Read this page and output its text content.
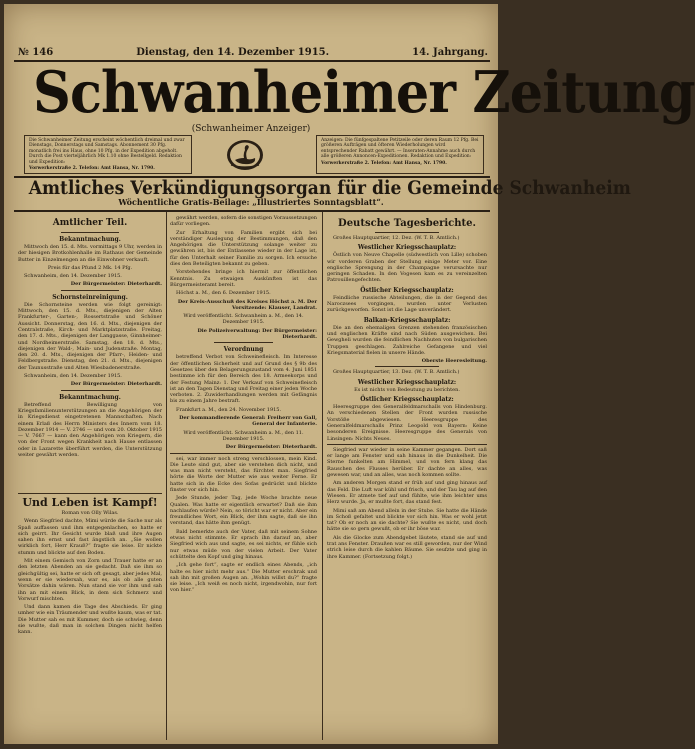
№ 146	Dienstag, den 14. Dezember 1915.	14. Jahrgang.
Schwanheimer Zeitung
(Schwanheimer Anzeiger)
Die Schwanheimer Zeitung erscheint wöchentlich dreimal und zwar Dienstags, Donnerstags und Samstags. Abonnement 30 Pfg. monatlich frei ins Haus, ohne 10 Pfg. in der Expedition abgeholt. Durch die Post vierteljährlich Mk 1.10 ohne Bestellgeld. Redaktion und Expedition:
Vorwerkerstraße 2. Telefon: Amt Hansa, Nr. 1790.
Anzeigen: Die fünfgespaltene Petitzeile oder deren Raum 12 Pfg. Bei größeren Aufträgen und öfteren Wiederholungen wird entsprechender Rabatt gewährt. — Inseraten-Annahme auch durch alle größeren Annoncen-Expeditionen. Redaktion und Expedition:
Vorwerkerstraße 2. Telefon: Amt Hansa, Nr. 1790.
Amtliches Verkündigungsorgan für die Gemeinde Schwanheim
Wöchentliche Gratis-Beilage: „Illustriertes Sonntagsblatt“.
Amtlicher Teil.
Bekanntmachung.

Mittwoch den 15. d. Mts. vormittags 9 Uhr, werden in der hiesigen Brotkohlenhalle im Rathaus der Gemeinde Butter in Einzelmengen an die Einwohner verkauft.

Preis für das Pfund 2 Mk. 14 Pfg.

Schwanheim, den 14. Dezember 1915.

Der Bürgermeister: Dieterhardt.

Schornsteinreinigung.

Die Schornsteine werden wie folgt gereinigt: Mittwoch, den 15. d. Mts., diejenigen der Alten Frankfurter-, Garten-, Rossertstraße und Schöner Aussicht. Donnerstag, den 16. d. Mts., diejenigen der Centralstraße, Kirch- und Marktplatzstraße. Freitag, den 17. d. Mts., diejenigen der Langgasse, Ginnheimer- und Nordheimerstraße. Samstag, den 18. d. Mts., diejenigen der Wald-, Main- und Judenstraße. Montag, den 20. d. Mts., diejenigen der Pfarr-, Heiden- und Feldbergstraße. Dienstag, den 21. d. Mts., diejenigen der Taunusstraße und Alten Wiesbadenerstraße.

Schwanheim, den 14. Dezember 1915.

Der Bürgermeister: Dieterhardt.

Bekanntmachung.

Betreffend Bewilligung von Kriegsfamilienunterstützungen an die Angehörigen der in Kriegsdienst eingetretenen Mannschaften. Nach einem Erlaß des Herrn Ministers des Innern vom 18. Dezember 1914 — V. 2746 — und vom 20. Oktober 1915 — V. 7667 — kann den Angehörigen von Kriegern, die von der Front wegen Krankheit nach Hause entlassen oder in Lazarette überführt werden, die Unterstützung weiter gewährt werden.

Und Leben ist Kampf!
Roman von Olly Wilas.

Wenn Siegfried dachte, Mimi würde die Sache nur als Spaß auffassen und ihm entgegenlachen, so hatte er sich geirrt. Ihr Gesicht wurde blaß und ihre Augen sahen ihn ernst und fast ängstlich an. „Sie wollen wirklich fort, Herr Krauß?“ fragte sie leise. Er nickte stumm und blickte auf den Boden.

Mit einem Gemisch von Zorn und Trauer hatte er an den letzten Abenden an sie gedacht. Daß sie ihm so gleichgültig sei, hatte er sich oft gesagt, aber jedes Mal, wenn er sie wiedersah, war es, als ob alle guten Vorsätze dahin wären. Nun stand sie vor ihm und sah ihn an mit einem Blick, in dem sich Schmerz und Vorwurf mischten.

Und dann kamen die Tage des Abschieds. Er ging umher wie ein Träumender und wußte kaum, was er tat. Die Mutter sah es mit Kummer, doch sie schwieg, denn sie wußte, daß man in solchen Dingen nicht helfen kann.

gewährt werden, sofern die sonstigen Voraussetzungen dafür vorliegen.

Zur Erhaltung von Familien ergibt sich bei verständiger Auslegung der Bestimmungen, daß den Angehörigen die Unterstützung solange weiter zu gewähren ist, bis der Entlassene wieder in der Lage ist, für den Unterhalt seiner Familie zu sorgen. Ich ersuche dies den Beteiligten bekannt zu geben.

Vorstehendes bringe ich hiermit zur öffentlichen Kenntnis. Zu etwaigen Auskünften ist das Bürgermeisteramt bereit.

Höchst a. M., den 6. Dezember 1915.

Der Kreis-Ausschuß des Kreises Höchst a. M. Der Vorsitzende: Klauser, Landrat.

Wird veröffentlicht. Schwanheim a. M., den 14. Dezember 1915.

Die Polizeiverwaltung: Der Bürgermeister: Dieterhardt.

Verordnung

betreffend Verbot von Schweinefleisch. Im Interesse der öffentlichen Sicherheit und auf Grund des § 9b des Gesetzes über den Belagerungszustand vom 4. Juni 1851 bestimme ich für den Bereich des 18. Armeekorps und der Festung Mainz: 1. Der Verkauf von Schweinefleisch ist an den Tagen Dienstag und Freitag einer jeden Woche verboten. 2. Zuwiderhandlungen werden mit Gefängnis bis zu einem Jahre bestraft.

Frankfurt a. M., den 24. November 1915.

Der kommandierende General: Freiherr von Gall, General der Infanterie.

Wird veröffentlicht. Schwanheim a. M., den 11. Dezember 1915.

Der Bürgermeister: Dieterhardt.

sei, war immer noch streng verschlossen, mein Kind. Die Leute sind gut, aber sie verstehen dich nicht, und was man nicht versteht, das fürchtet man. Siegfried hörte die Worte der Mutter wie aus weiter Ferne. Er hatte sich in die Ecke des Sofas gedrückt und blickte finster vor sich hin.

Jede Stunde, jeder Tag, jede Woche brachte neue Qualen. Was hatte er eigentlich erwartet? Daß sie ihm nachlaufen würde? Nein, so töricht war er nicht. Aber ein freundliches Wort, ein Blick, der ihm sagte, daß sie ihn verstand, das hätte ihm genügt.

Bald bemerkte auch der Vater, daß mit seinem Sohne etwas nicht stimmte. Er sprach ihn darauf an, aber Siegfried wich aus und sagte, es sei nichts, er fühle sich nur etwas müde von der vielen Arbeit. Der Vater schüttelte den Kopf und ging hinaus.

„Ich gehe fort“, sagte er endlich eines Abends, „ich halte es hier nicht mehr aus.“ Die Mutter erschrak und sah ihn mit großen Augen an. „Wohin willst du?“ fragte sie leise. „Ich weiß es noch nicht, irgendwohin, nur fort von hier.“

Deutsche Tagesberichte.

Großes Hauptquartier, 12. Dez. (W. T. B. Amtlich.)

Westlicher Kriegsschauplatz:

Östlich von Neuve Chapelle (südwestlich von Lille) schoben wir vorderen Graben der Stellung einige Meter vor. Eine englische Sprengung in der Champagne verursachte nur geringen Schaden. In den Vogesen kam es zu vereinzelten Patrouillengefechten.

Östlicher Kriegsschauplatz:

Feindliche russische Abteilungen, die in der Gegend des Naroczsees vorgingen, wurden unter Verlusten zurückgeworfen. Sonst ist die Lage unverändert.

Balkan-Kriegsschauplatz:

Die an den ehemaligen Grenzen stehenden französischen und englischen Kräfte sind nach Süden ausgewichen. Bei Gewgheli wurden die feindlichen Nachhuten von bulgarischen Truppen geschlagen. Zahlreiche Gefangene und viel Kriegsmaterial fielen in unsere Hände.

Oberste Heeresleitung.

Großes Hauptquartier, 13. Dez. (W. T. B. Amtlich.)

Westlicher Kriegsschauplatz:

Es ist nichts von Bedeutung zu berichten.

Östlicher Kriegsschauplatz:

Heeresgruppe des Generalfeldmarschalls von Hindenburg. An verschiedenen Stellen der Front wurden russische Vorstöße abgewiesen. Heeresgruppe des Generalfeldmarschalls Prinz Leopold von Bayern: Keine besonderen Ereignisse. Heeresgruppe des Generals von Linsingen: Nichts Neues.

Siegfried war wieder in seine Kammer gegangen. Dort saß er lange am Fenster und sah hinaus in die Dunkelheit. Die Sterne funkelten am Himmel, und von fern klang das Rauschen des Flusses herüber. Er dachte an alles, was gewesen war, und an alles, was noch kommen sollte.

Am anderen Morgen stand er früh auf und ging hinaus auf das Feld. Die Luft war kühl und frisch, und der Tau lag auf den Wiesen. Er atmete tief auf und fühlte, wie ihm leichter ums Herz wurde. Ja, er mußte fort, das stand fest.

Mimi saß am Abend allein in der Stube. Sie hatte die Hände im Schoß gefaltet und blickte vor sich hin. Was er wohl jetzt tat? Ob er noch an sie dachte? Sie wußte es nicht, und doch hätte sie so gern gewußt, ob er ihr böse war.

Als die Glocke zum Abendgebet läutete, stand sie auf und trat ans Fenster. Draußen war es still geworden, nur der Wind strich leise durch die kahlen Bäume. Sie seufzte und ging in ihre Kammer. (Fortsetzung folgt.)
